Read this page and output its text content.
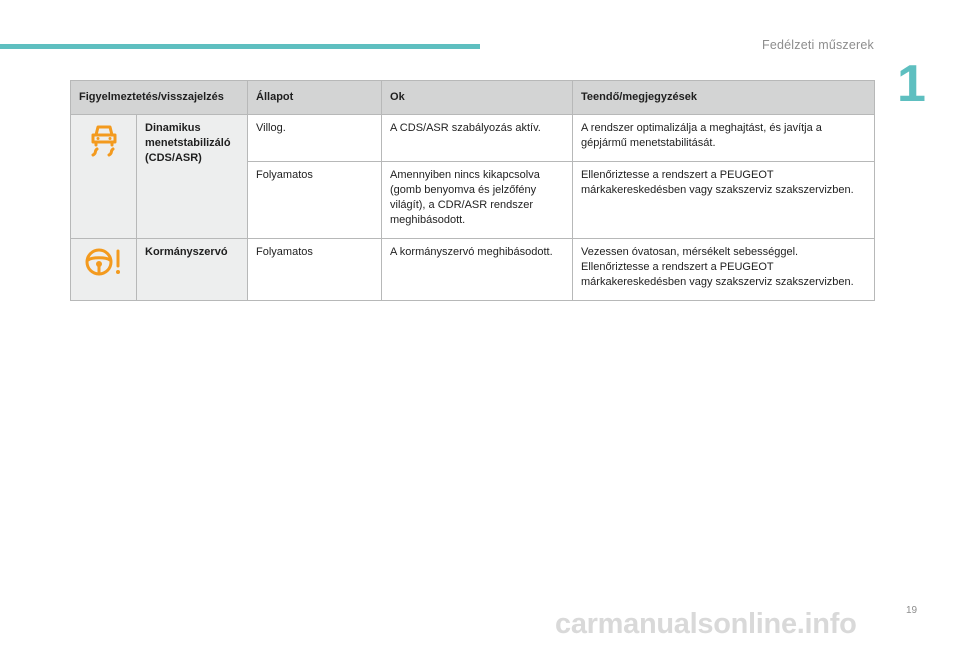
Fedélzeti műszerek
1
Figyelmeztetés/visszajelzés		Állapot	Ok	Teendő/megjegyzések
	Dinamikus menetstabilizáló (CDS/ASR)	Villog.	A CDS/ASR szabályozás aktív.	A rendszer optimalizálja a meghajtást, és javítja a gépjármű menetstabilitását.
		Folyamatos	Amennyiben nincs kikapcsolva (gomb benyomva és jelzőfény világít), a CDR/ASR rendszer meghibásodott.	Ellenőriztesse a rendszert a PEUGEOT márkakereskedésben vagy szakszerviz szakszervizben.
	Kormányszervó	Folyamatos	A kormányszervó meghibásodott.	Vezessen óvatosan, mérsékelt sebességgel. Ellenőriztesse a rendszert a PEUGEOT márkakereskedésben vagy szakszerviz szakszervizben.
19
carmanualsonline.info
